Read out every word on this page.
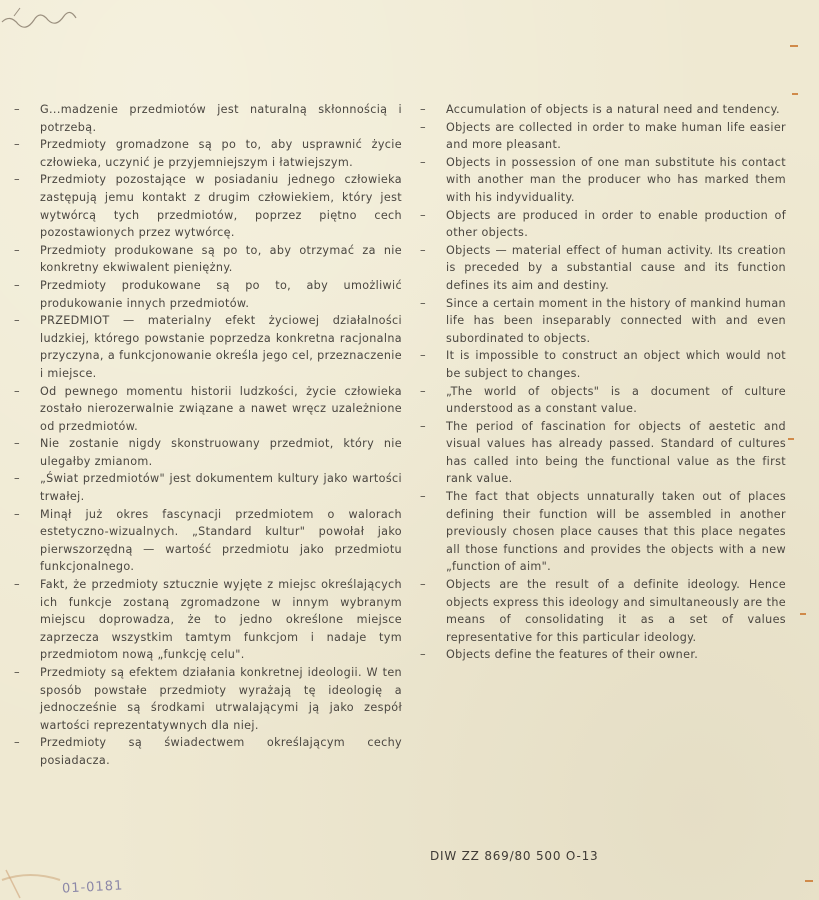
–	G...madzenie przedmiotów jest naturalną skłonnością i potrzebą.

–	Przedmioty gromadzone są po to, aby usprawnić życie człowieka, uczynić je przyjemniejszym i łatwiejszym.

–	Przedmioty pozostające w posiadaniu jednego człowieka zastępują jemu kontakt z drugim człowiekiem, który jest wytwórcą tych przedmiotów, poprzez piętno cech pozostawionych przez wytwórcę.

–	Przedmioty produkowane są po to, aby otrzymać za nie konkretny ekwiwalent pieniężny.

–	Przedmioty produkowane są po to, aby umożliwić produkowanie innych przedmiotów.

–	PRZEDMIOT — materialny efekt życiowej działalności ludzkiej, którego powstanie poprzedza konkretna racjonalna przyczyna, a funkcjonowanie określa jego cel, przeznaczenie i miejsce.

–	Od pewnego momentu historii ludzkości, życie człowieka zostało nierozerwalnie związane a nawet wręcz uzależnione od przedmiotów.

–	Nie zostanie nigdy skonstruowany przedmiot, który nie ulegałby zmianom.

–	„Świat przedmiotów" jest dokumentem kultury jako wartości trwałej.

–	Minął już okres fascynacji przedmiotem o walorach estetyczno-wizualnych. „Standard kultur" powołał jako pierwszorzędną — wartość przedmiotu jako przedmiotu funkcjonalnego.

–	Fakt, że przedmioty sztucznie wyjęte z miejsc określających ich funkcje zostaną zgromadzone w innym wybranym miejscu doprowadza, że to jedno określone miejsce zaprzecza wszystkim tamtym funkcjom i nadaje tym przedmiotom nową „funkcję celu".

–	Przedmioty są efektem działania konkretnej ideologii. W ten sposób powstałe przedmioty wyrażają tę ideologię a jednocześnie są środkami utrwalającymi ją jako zespół wartości reprezentatywnych dla niej.

–	Przedmioty są świadectwem określającym cechy posiadacza.

–	Accumulation of objects is a natural need and tendency.

–	Objects are collected in order to make human life easier and more pleasant.

–	Objects in possession of one man substitute his contact with another man the producer who has marked them with his indyviduality.

–	Objects are produced in order to enable production of other objects.

–	Objects — material effect of human activity. Its creation is preceded by a substantial cause and its function defines its aim and destiny.

–	Since a certain moment in the history of mankind human life has been inseparably connected with and even subordinated to objects.

–	It is impossible to construct an object which would not be subject to changes.

–	„The world of objects" is a document of culture understood as a constant value.

–	The period of fascination for objects of aestetic and visual values has already passed. Standard of cultures has called into being the functional value as the first rank value.

–	The fact that objects unnaturally taken out of places defining their function will be assembled in another previously chosen place causes that this place negates all those functions and provides the objects with a new „function of aim".

–	Objects are the result of a definite ideology. Hence objects express this ideology and simultaneously are the means of consolidating it as a set of values representative for this particular ideology.

–	Objects define the features of their owner.

DIW ZZ 869/80 500 O-13
01-0181
